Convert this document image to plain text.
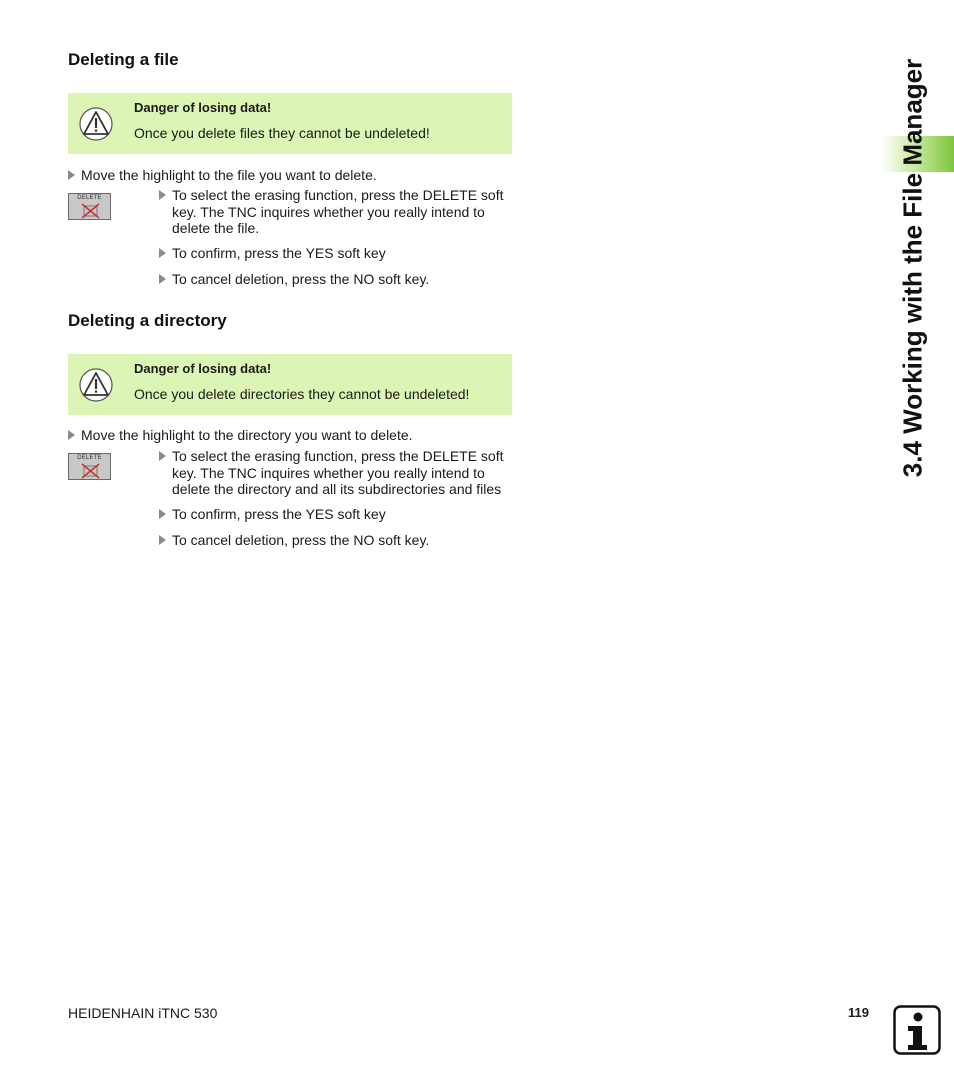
3.4 Working with the File Manager
Deleting a file
Danger of losing data!
Once you delete files they cannot be undeleted!
Move the highlight to the file you want to delete.
DELETE	To select the erasing function, press the DELETE soft
key. The TNC inquires whether you really intend to
delete the file.
To confirm, press the YES soft key
To cancel deletion, press the NO soft key.
Deleting a directory
Danger of losing data!
Once you delete directories they cannot be undeleted!
Move the highlight to the directory you want to delete.
DELETE	To select the erasing function, press the DELETE soft
key. The TNC inquires whether you really intend to
delete the directory and all its subdirectories and files
To confirm, press the YES soft key
To cancel deletion, press the NO soft key.
HEIDENHAIN iTNC 530	119
